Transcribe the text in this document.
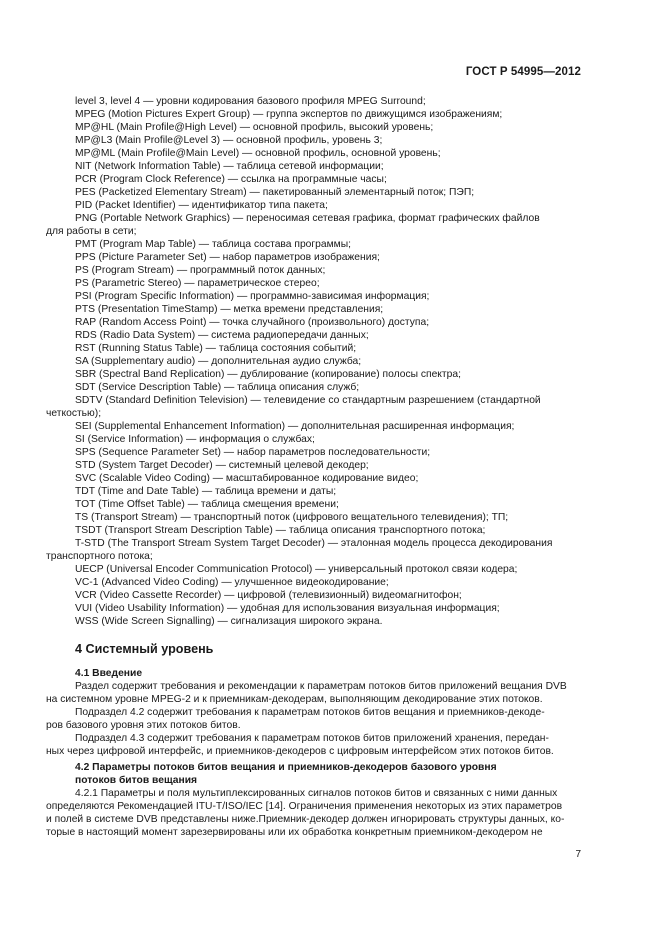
ГОСТ Р 54995—2012
level 3, level 4 — уровни кодирования базового профиля MPEG Surround;
MPEG (Motion Pictures Expert Group) — группа экспертов по движущимся изображениям;
MP@HL (Main Profile@High Level) — основной профиль, высокий уровень;
MP@L3 (Main Profile@Level 3) — основной профиль, уровень 3;
MP@ML (Main Profile@Main Level) — основной профиль, основной уровень;
NIT (Network Information Table) — таблица сетевой информации;
PCR (Program Clock Reference) — ссылка на программные часы;
PES (Packetized Elementary Stream) — пакетированный элементарный поток; ПЭП;
PID (Packet Identifier) — идентификатор типа пакета;
PNG (Portable Network Graphics) — переносимая сетевая графика, формат графических файлов
для работы в сети;
PMT (Program Map Table) — таблица состава программы;
PPS (Picture Parameter Set) — набор параметров изображения;
PS (Program Stream) — программный поток данных;
PS (Parametric Stereo) — параметрическое стерео;
PSI (Program Specific Information) — программно-зависимая информация;
PTS (Presentation TimeStamp) — метка времени представления;
RAP (Random Access Point) — точка случайного (произвольного) доступа;
RDS (Radio Data System) — система радиопередачи данных;
RST (Running Status Table) — таблица состояния событий;
SA (Supplementary audio) — дополнительная аудио служба;
SBR (Spectral Band Replication) — дублирование (копирование) полосы спектра;
SDT (Service Description Table) — таблица описания служб;
SDTV (Standard Definition Television) — телевидение со стандартным разрешением (стандартной
четкостью);
SEI (Supplemental Enhancement Information) — дополнительная расширенная информация;
SI (Service Information) — информация о службах;
SPS (Sequence Parameter Set) — набор параметров последовательности;
STD (System Target Decoder) — системный целевой декодер;
SVC (Scalable Video Coding) — масштабированное кодирование видео;
TDT (Time and Date Table) — таблица времени и даты;
TOT (Time Offset Table) — таблица смещения времени;
TS (Transport Stream) — транспортный поток (цифрового вещательного телевидения); ТП;
TSDT (Transport Stream Description Table) — таблица описания транспортного потока;
T-STD (The Transport Stream System Target Decoder) — эталонная модель процесса декодирования
транспортного потока;
UECP (Universal Encoder Communication Protocol) — универсальный протокол связи кодера;
VC-1 (Advanced Video Coding) — улучшенное видеокодирование;
VCR (Video Cassette Recorder) — цифровой (телевизионный) видеомагнитофон;
VUI (Video Usability Information) — удобная для использования визуальная информация;
WSS (Wide Screen Signalling) — сигнализация широкого экрана.
4 Системный уровень
4.1 Введение
Раздел содержит требования и рекомендации к параметрам потоков битов приложений вещания DVB
на системном уровне MPEG-2 и к приемникам-декодерам, выполняющим декодирование этих потоков.
Подраздел 4.2 содержит требования к параметрам потоков битов вещания и приемников-декоде-
ров базового уровня этих потоков битов.
Подраздел 4.3 содержит требования к параметрам потоков битов приложений хранения, передан-
ных через цифровой интерфейс, и приемников-декодеров с цифровым интерфейсом этих потоков битов.
4.2 Параметры потоков битов вещания и приемников-декодеров базового уровня
потоков битов вещания
4.2.1 Параметры и поля мультиплексированных сигналов потоков битов и связанных с ними данных
определяются Рекомендацией ITU-T/ISO/IEC [14]. Ограничения применения некоторых из этих параметров
и полей в системе DVB представлены ниже.Приемник-декодер должен игнорировать структуры данных, ко-
торые в настоящий момент зарезервированы или их обработка конкретным приемником-декодером не
7
